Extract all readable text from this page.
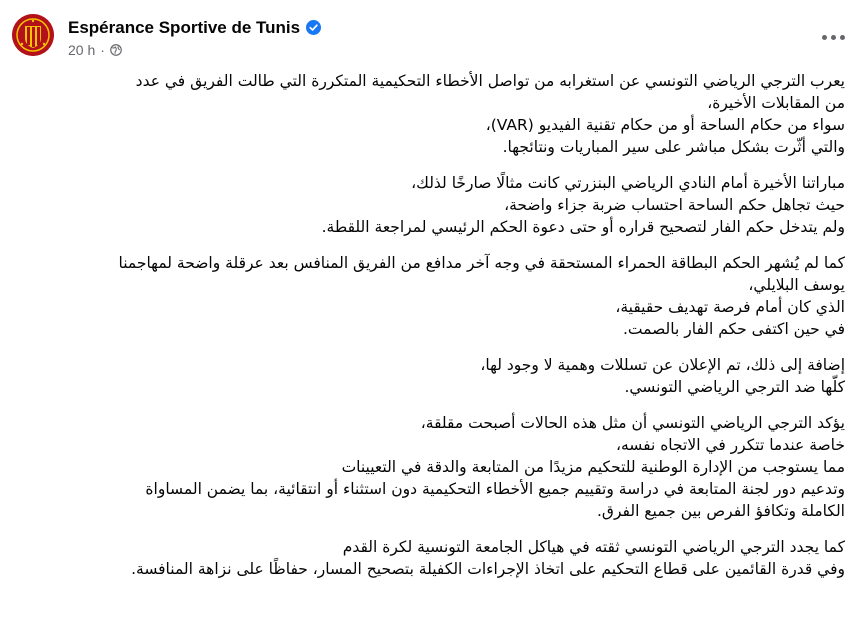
Espérance Sportive de Tunis
20 h ·
يعرب الترجي الرياضي التونسي عن استغرابه من تواصل الأخطاء التحكيمية المتكررة التي طالت الفريق في عدد
من المقابلات الأخيرة،
سواء من حكام الساحة أو من حكام تقنية الفيديو (VAR)،
والتي أثّرت بشكل مباشر على سير المباريات ونتائجها.
مباراتنا الأخيرة أمام النادي الرياضي البنزرتي كانت مثالًا صارخًا لذلك،
حيث تجاهل حكم الساحة احتساب ضربة جزاء واضحة،
ولم يتدخل حكم الفار لتصحيح قراره أو حتى دعوة الحكم الرئيسي لمراجعة اللقطة.
كما لم يُشهر الحكم البطاقة الحمراء المستحقة في وجه آخر مدافع من الفريق المنافس بعد عرقلة واضحة لمهاجمنا
يوسف البلايلي،
الذي كان أمام فرصة تهديف حقيقية،
في حين اكتفى حكم الفار بالصمت.
إضافة إلى ذلك، تم الإعلان عن تسللات وهمية لا وجود لها،
كلّها ضد الترجي الرياضي التونسي.
يؤكد الترجي الرياضي التونسي أن مثل هذه الحالات أصبحت مقلقة،
خاصة عندما تتكرر في الاتجاه نفسه،
مما يستوجب من الإدارة الوطنية للتحكيم مزيدًا من المتابعة والدقة في التعيينات
وتدعيم دور لجنة المتابعة في دراسة وتقييم جميع الأخطاء التحكيمية دون استثناء أو انتقائية، بما يضمن المساواة
الكاملة وتكافؤ الفرص بين جميع الفرق.
كما يجدد الترجي الرياضي التونسي ثقته في هياكل الجامعة التونسية لكرة القدم
وفي قدرة القائمين على قطاع التحكيم على اتخاذ الإجراءات الكفيلة بتصحيح المسار، حفاظًا على نزاهة المنافسة.
